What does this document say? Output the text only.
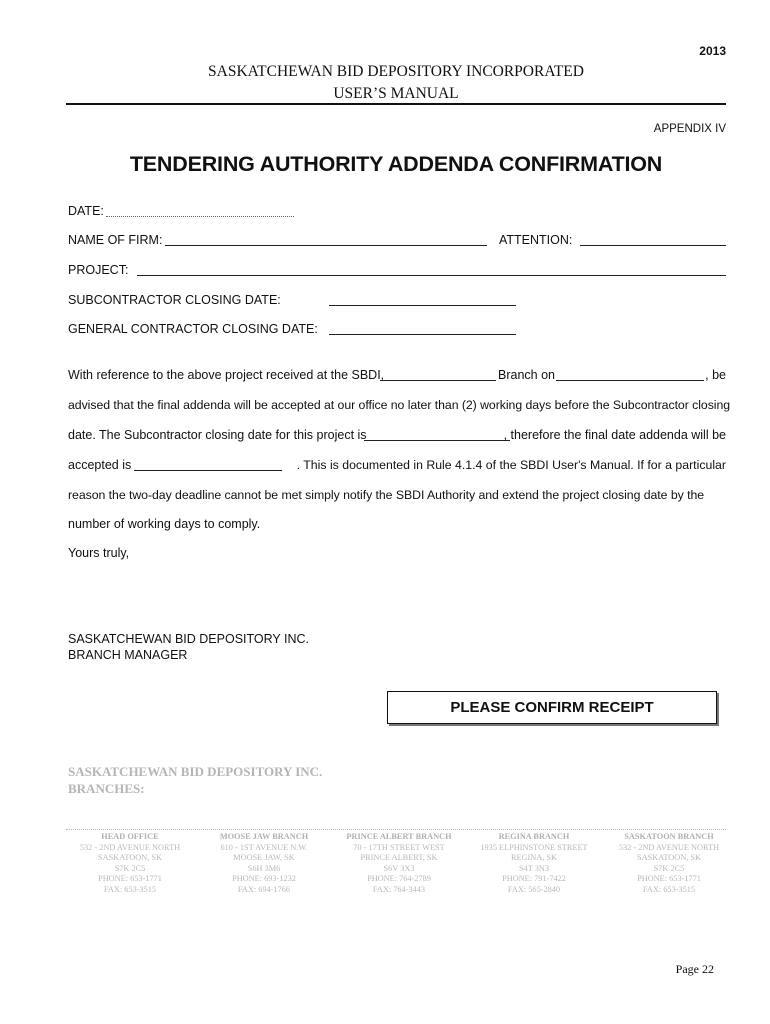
2013
SASKATCHEWAN BID DEPOSITORY INCORPORATED
USER’S MANUAL
APPENDIX IV
TENDERING AUTHORITY ADDENDA CONFIRMATION
DATE:
NAME OF FIRM:	ATTENTION:
PROJECT:
SUBCONTRACTOR CLOSING DATE:
GENERAL CONTRACTOR CLOSING DATE:
With reference to the above project received at the SBDI,	Branch on	, be
advised that the final addenda will be accepted at our office no later than (2) working days before the Subcontractor closing
date. The Subcontractor closing date for this project is	, therefore the final date addenda will be
accepted is	. This is documented in Rule 4.1.4 of the SBDI User's Manual. If for a particular
reason the two-day deadline cannot be met simply notify the SBDI Authority and extend the project closing date by the
number of working days to comply.
Yours truly,
SASKATCHEWAN BID DEPOSITORY INC.
BRANCH MANAGER
PLEASE CONFIRM RECEIPT
SASKATCHEWAN BID DEPOSITORY INC.
BRANCHES:
HEAD OFFICE
532 - 2ND AVENUE NORTH
SASKATOON, SK
S7K 2C5
PHONE: 653-1771
FAX: 653-3515
MOOSE JAW BRANCH
610 - 1ST AVENUE N.W.
MOOSE JAW, SK
S6H 3M6
PHONE: 693-1232
FAX: 694-1766
PRINCE ALBERT BRANCH
70 - 17TH STREET WEST
PRINCE ALBERT, SK
S6V 3X3
PHONE: 764-2789
FAX: 764-3443
REGINA BRANCH
1935 ELPHINSTONE STREET
REGINA, SK
S4T 3N3
PHONE: 791-7422
FAX: 565-2840
SASKATOON BRANCH
532 - 2ND AVENUE NORTH
SASKATOON, SK
S7K 2C5
PHONE: 653-1771
FAX: 653-3515
Page 22
